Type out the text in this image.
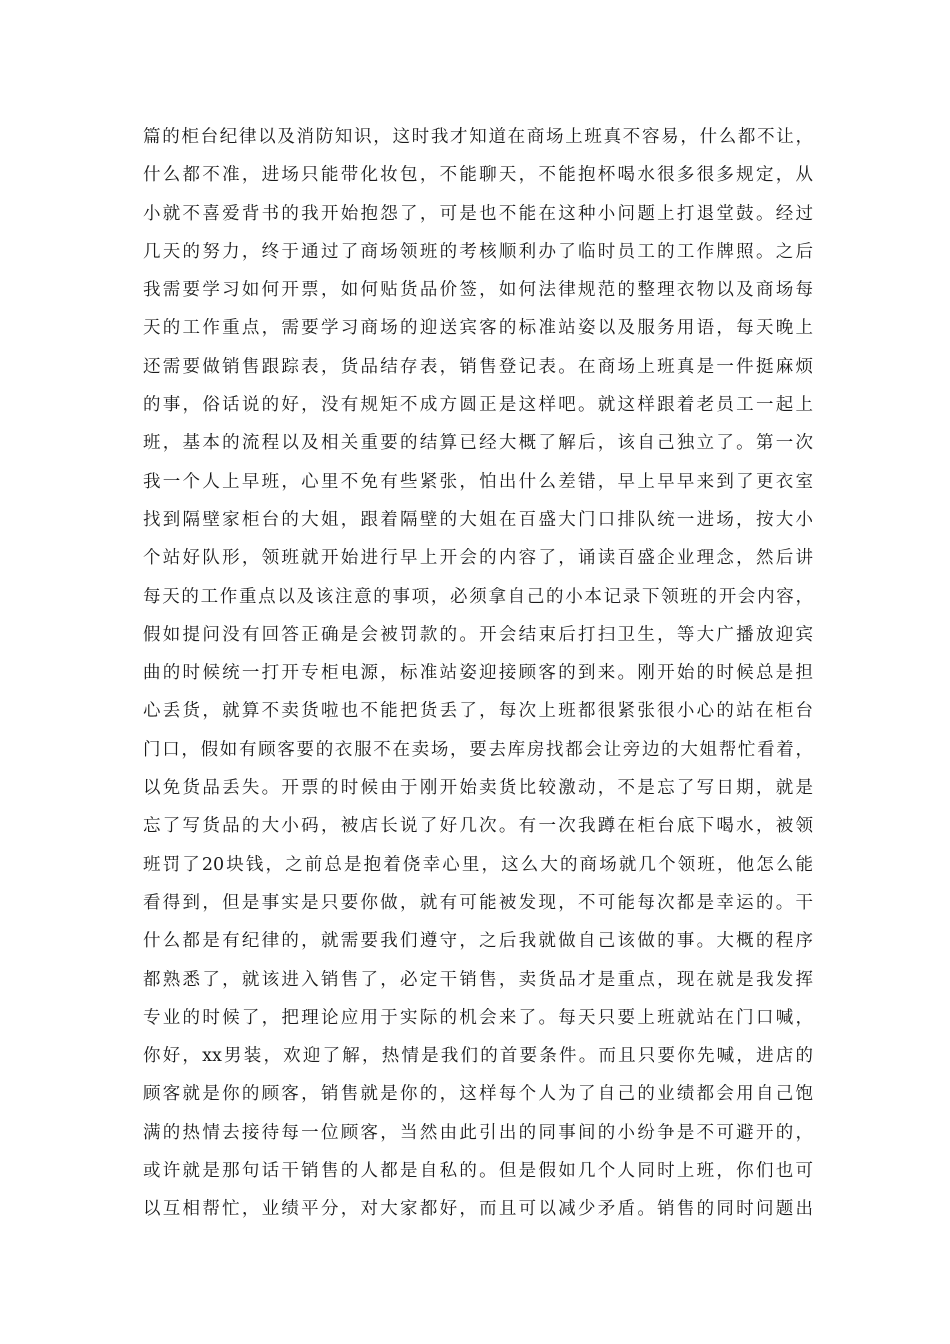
篇的柜台纪律以及消防知识，这时我才知道在商场上班真不容易，什么都不让，
什么都不准，进场只能带化妆包，不能聊天，不能抱杯喝水很多很多规定，从
小就不喜爱背书的我开始抱怨了，可是也不能在这种小问题上打退堂鼓。经过
几天的努力，终于通过了商场领班的考核顺利办了临时员工的工作牌照。之后
我需要学习如何开票，如何贴货品价签，如何法律规范的整理衣物以及商场每
天的工作重点，需要学习商场的迎送宾客的标准站姿以及服务用语，每天晚上
还需要做销售跟踪表，货品结存表，销售登记表。在商场上班真是一件挺麻烦
的事，俗话说的好，没有规矩不成方圆正是这样吧。就这样跟着老员工一起上
班，基本的流程以及相关重要的结算已经大概了解后，该自己独立了。第一次
我一个人上早班，心里不免有些紧张，怕出什么差错，早上早早来到了更衣室
找到隔壁家柜台的大姐，跟着隔壁的大姐在百盛大门口排队统一进场，按大小
个站好队形，领班就开始进行早上开会的内容了，诵读百盛企业理念，然后讲
每天的工作重点以及该注意的事项，必须拿自己的小本记录下领班的开会内容，
假如提问没有回答正确是会被罚款的。开会结束后打扫卫生，等大广播放迎宾
曲的时候统一打开专柜电源，标准站姿迎接顾客的到来。刚开始的时候总是担
心丢货，就算不卖货啦也不能把货丢了，每次上班都很紧张很小心的站在柜台
门口，假如有顾客要的衣服不在卖场，要去库房找都会让旁边的大姐帮忙看着，
以免货品丢失。开票的时候由于刚开始卖货比较激动，不是忘了写日期，就是
忘了写货品的大小码，被店长说了好几次。有一次我蹲在柜台底下喝水，被领
班罚了20块钱，之前总是抱着侥幸心里，这么大的商场就几个领班，他怎么能
看得到，但是事实是只要你做，就有可能被发现，不可能每次都是幸运的。干
什么都是有纪律的，就需要我们遵守，之后我就做自己该做的事。大概的程序
都熟悉了，就该进入销售了，必定干销售，卖货品才是重点，现在就是我发挥
专业的时候了，把理论应用于实际的机会来了。每天只要上班就站在门口喊，
你好，xx男装，欢迎了解，热情是我们的首要条件。而且只要你先喊，进店的
顾客就是你的顾客，销售就是你的，这样每个人为了自己的业绩都会用自己饱
满的热情去接待每一位顾客，当然由此引出的同事间的小纷争是不可避开的，
或许就是那句话干销售的人都是自私的。但是假如几个人同时上班，你们也可
以互相帮忙，业绩平分，对大家都好，而且可以减少矛盾。销售的同时问题出
